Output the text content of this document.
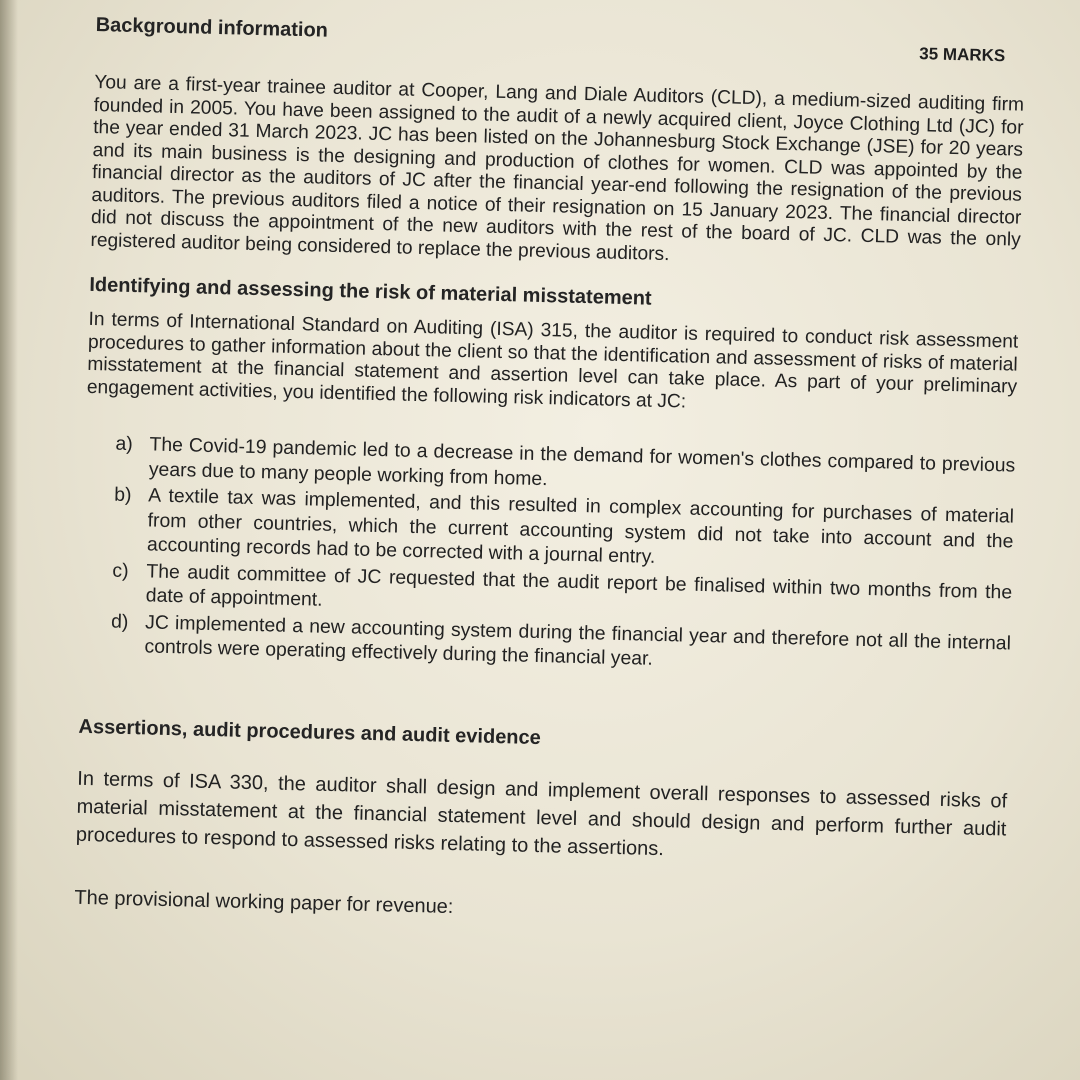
Background information
35 MARKS

You are a first-year trainee auditor at Cooper, Lang and Diale Auditors (CLD), a medium-sized auditing firm founded in 2005. You have been assigned to the audit of a newly acquired client, Joyce Clothing Ltd (JC) for the year ended 31 March 2023. JC has been listed on the Johannesburg Stock Exchange (JSE) for 20 years and its main business is the designing and production of clothes for women. CLD was appointed by the financial director as the auditors of JC after the financial year-end following the resignation of the previous auditors. The previous auditors filed a notice of their resignation on 15 January 2023. The financial director did not discuss the appointment of the new auditors with the rest of the board of JC. CLD was the only registered auditor being considered to replace the previous auditors.

Identifying and assessing the risk of material misstatement

In terms of International Standard on Auditing (ISA) 315, the auditor is required to conduct risk assessment procedures to gather information about the client so that the identification and assessment of risks of material misstatement at the financial statement and assertion level can take place. As part of your preliminary engagement activities, you identified the following risk indicators at JC:

a) The Covid-19 pandemic led to a decrease in the demand for women's clothes compared to previous years due to many people working from home.
b) A textile tax was implemented, and this resulted in complex accounting for purchases of material from other countries, which the current accounting system did not take into account and the accounting records had to be corrected with a journal entry.
c) The audit committee of JC requested that the audit report be finalised within two months from the date of appointment.
d) JC implemented a new accounting system during the financial year and therefore not all the internal controls were operating effectively during the financial year.
Assertions, audit procedures and audit evidence

In terms of ISA 330, the auditor shall design and implement overall responses to assessed risks of material misstatement at the financial statement level and should design and perform further audit procedures to respond to assessed risks relating to the assertions.

The provisional working paper for revenue:
